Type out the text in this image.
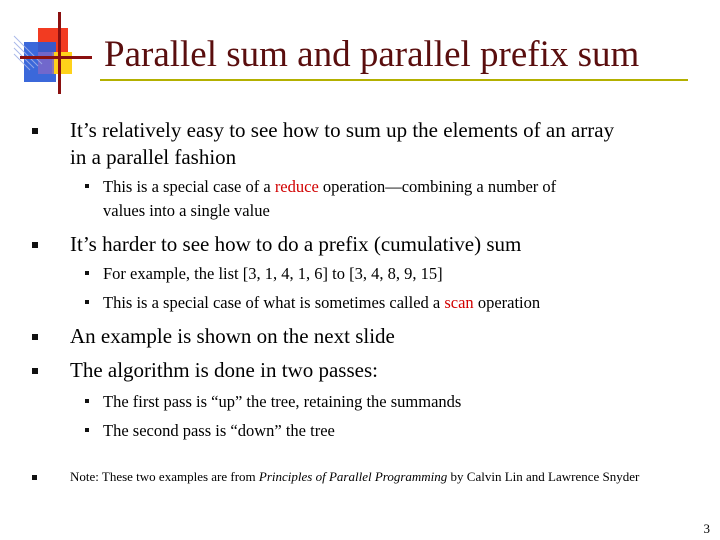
Parallel sum and parallel prefix sum
It’s relatively easy to see how to sum up the elements of an array
in a parallel fashion
This is a special case of a reduce operation—combining a number of
values into a single value
It’s harder to see how to do a prefix (cumulative) sum
For example, the list [3, 1, 4, 1, 6] to [3, 4, 8, 9, 15]
This is a special case of what is sometimes called a scan operation
An example is shown on the next slide
The algorithm is done in two passes:
The first pass is “up” the tree, retaining the summands
The second pass is “down” the tree
Note: These two examples are from Principles of Parallel Programming by Calvin Lin and Lawrence Snyder
3
